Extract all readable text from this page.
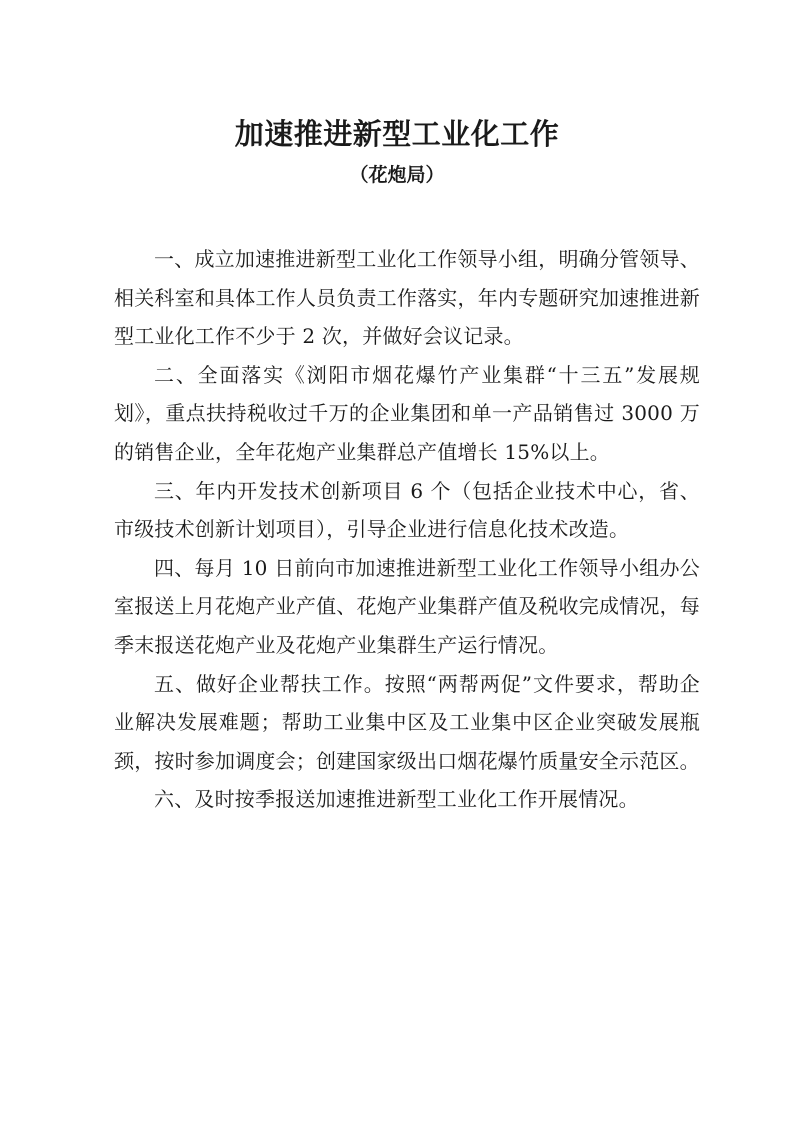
加速推进新型工业化工作
（花炮局）

一、成立加速推进新型工业化工作领导小组，明确分管领导、相关科室和具体工作人员负责工作落实，年内专题研究加速推进新型工业化工作不少于 2 次，并做好会议记录。

二、全面落实《浏阳市烟花爆竹产业集群“十三五”发展规划》，重点扶持税收过千万的企业集团和单一产品销售过 3000 万的销售企业，全年花炮产业集群总产值增长 15%以上。

三、年内开发技术创新项目 6 个（包括企业技术中心，省、市级技术创新计划项目），引导企业进行信息化技术改造。

四、每月 10 日前向市加速推进新型工业化工作领导小组办公室报送上月花炮产业产值、花炮产业集群产值及税收完成情况，每季末报送花炮产业及花炮产业集群生产运行情况。

五、做好企业帮扶工作。按照“两帮两促”文件要求，帮助企业解决发展难题；帮助工业集中区及工业集中区企业突破发展瓶颈，按时参加调度会；创建国家级出口烟花爆竹质量安全示范区。

六、及时按季报送加速推进新型工业化工作开展情况。
